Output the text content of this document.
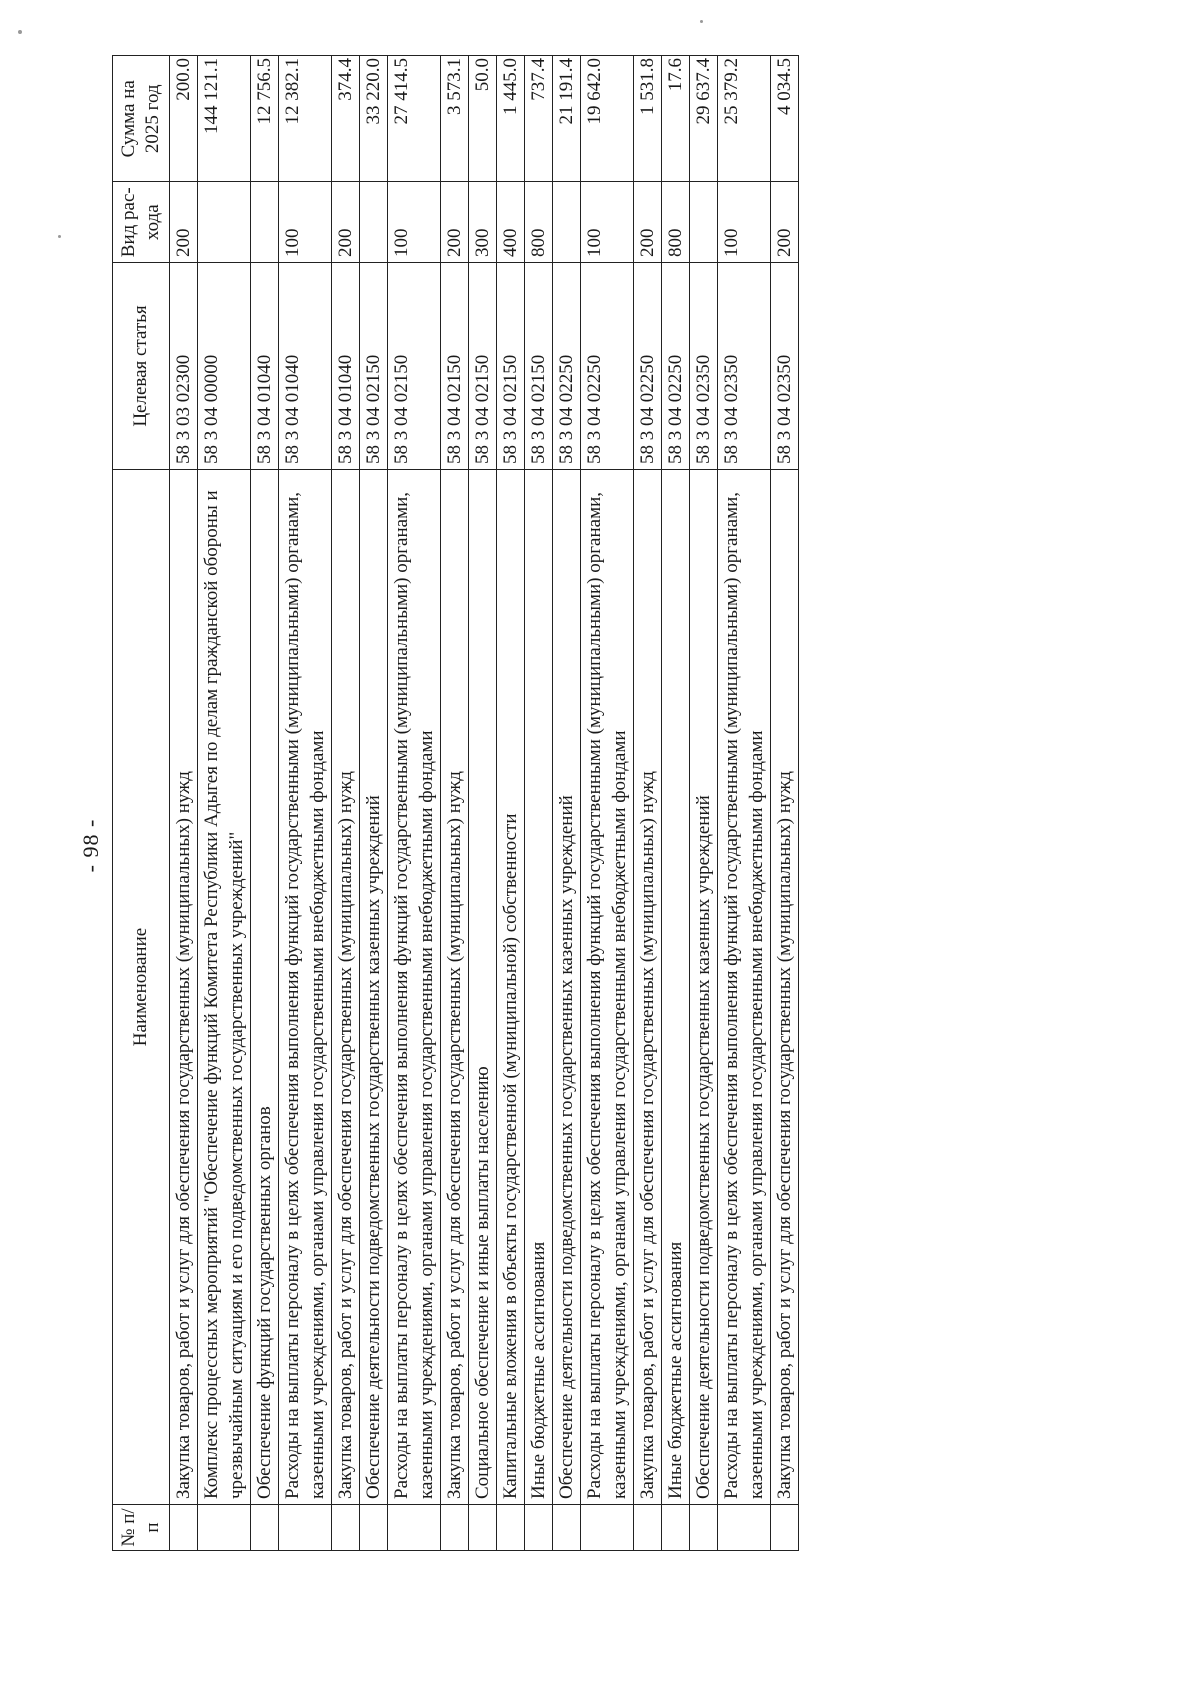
- 98 -
№ п/п	Наименование	Целевая статья	Вид рас-хода	Сумма на 2025 год
	Закупка товаров, работ и услуг для обеспечения государственных (муниципальных) нужд	58 3 03 02300	200	200.0
	Комплекс процессных мероприятий "Обеспечение функций Комитета Республики Адыгея по делам гражданской обороны и чрезвычайным ситуациям и его подведомственных государственных учреждений"	58 3 04 00000		144 121.1
	Обеспечение функций государственных органов	58 3 04 01040		12 756.5
	Расходы на выплаты персоналу в целях обеспечения выполнения функций государственными (муниципальными) органами, казенными учреждениями, органами управления государственными внебюджетными фондами	58 3 04 01040	100	12 382.1
	Закупка товаров, работ и услуг для обеспечения государственных (муниципальных) нужд	58 3 04 01040	200	374.4
	Обеспечение деятельности подведомственных государственных казенных учреждений	58 3 04 02150		33 220.0
	Расходы на выплаты персоналу в целях обеспечения выполнения функций государственными (муниципальными) органами, казенными учреждениями, органами управления государственными внебюджетными фондами	58 3 04 02150	100	27 414.5
	Закупка товаров, работ и услуг для обеспечения государственных (муниципальных) нужд	58 3 04 02150	200	3 573.1
	Социальное обеспечение и иные выплаты населению	58 3 04 02150	300	50.0
	Капитальные вложения в объекты государственной (муниципальной) собственности	58 3 04 02150	400	1 445.0
	Иные бюджетные ассигнования	58 3 04 02150	800	737.4
	Обеспечение деятельности подведомственных государственных казенных учреждений	58 3 04 02250		21 191.4
	Расходы на выплаты персоналу в целях обеспечения выполнения функций государственными (муниципальными) органами, казенными учреждениями, органами управления государственными внебюджетными фондами	58 3 04 02250	100	19 642.0
	Закупка товаров, работ и услуг для обеспечения государственных (муниципальных) нужд	58 3 04 02250	200	1 531.8
	Иные бюджетные ассигнования	58 3 04 02250	800	17.6
	Обеспечение деятельности подведомственных государственных казенных учреждений	58 3 04 02350		29 637.4
	Расходы на выплаты персоналу в целях обеспечения выполнения функций государственными (муниципальными) органами, казенными учреждениями, органами управления государственными внебюджетными фондами	58 3 04 02350	100	25 379.2
	Закупка товаров, работ и услуг для обеспечения государственных (муниципальных) нужд	58 3 04 02350	200	4 034.5
